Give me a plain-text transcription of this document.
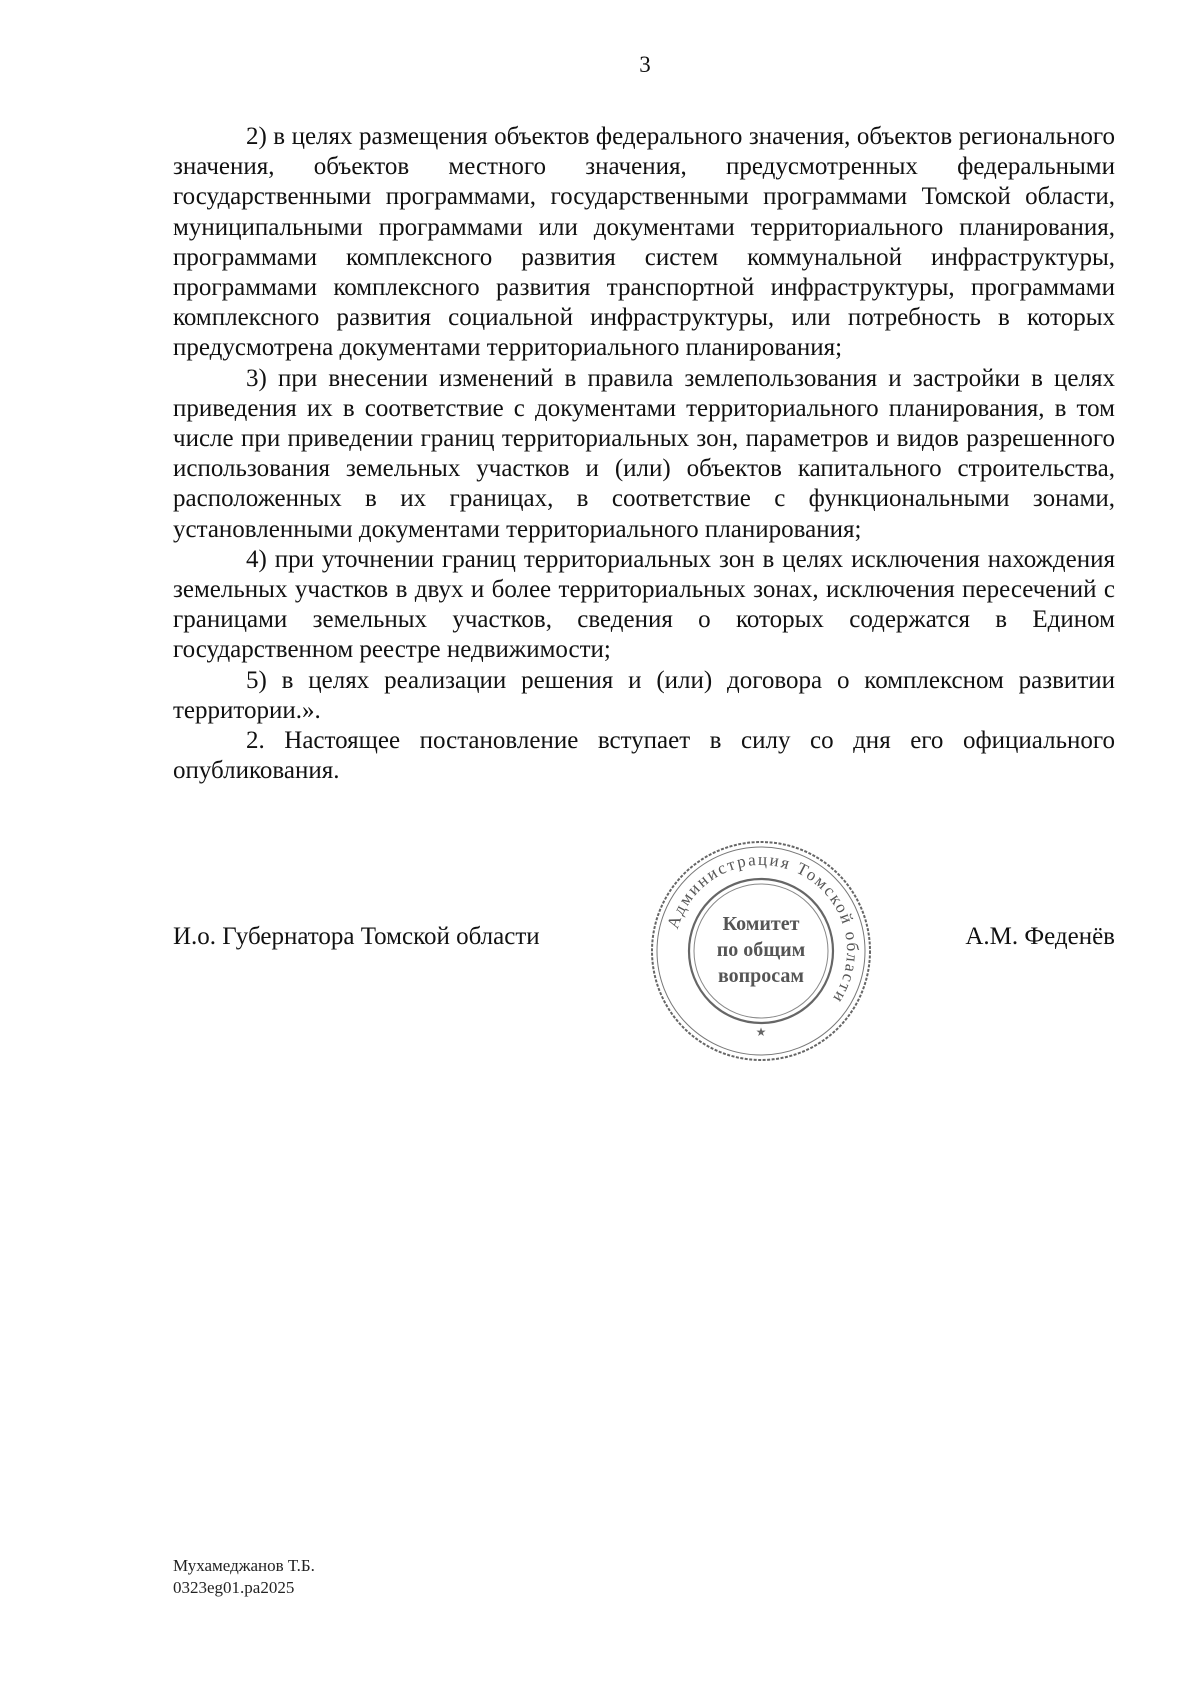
3

2) в целях размещения объектов федерального значения, объектов регионального значения, объектов местного значения, предусмотренных федеральными государственными программами, государственными программами Томской области, муниципальными программами или документами территориального планирования, программами комплексного развития систем коммунальной инфраструктуры, программами комплексного развития транспортной инфраструктуры, программами комплексного развития социальной инфраструктуры, или потребность в которых предусмотрена документами территориального планирования;

3) при внесении изменений в правила землепользования и застройки в целях приведения их в соответствие с документами территориального планирования, в том числе при приведении границ территориальных зон, параметров и видов разрешенного использования земельных участков и (или) объектов капитального строительства, расположенных в их границах, в соответствие с функциональными зонами, установленными документами территориального планирования;

4) при уточнении границ территориальных зон в целях исключения нахождения земельных участков в двух и более территориальных зонах, исключения пересечений с границами земельных участков, сведения о которых содержатся в Едином государственном реестре недвижимости;

5) в целях реализации решения и (или) договора о комплексном развитии территории.».

2. Настоящее постановление вступает в силу со дня его официального опубликования.

И.о. Губернатора Томской области	А.М. Феденёв
Администрация Томской области
Комитет
по общим
вопросам
★
Мухамеджанов Т.Б.
0323eg01.pa2025
